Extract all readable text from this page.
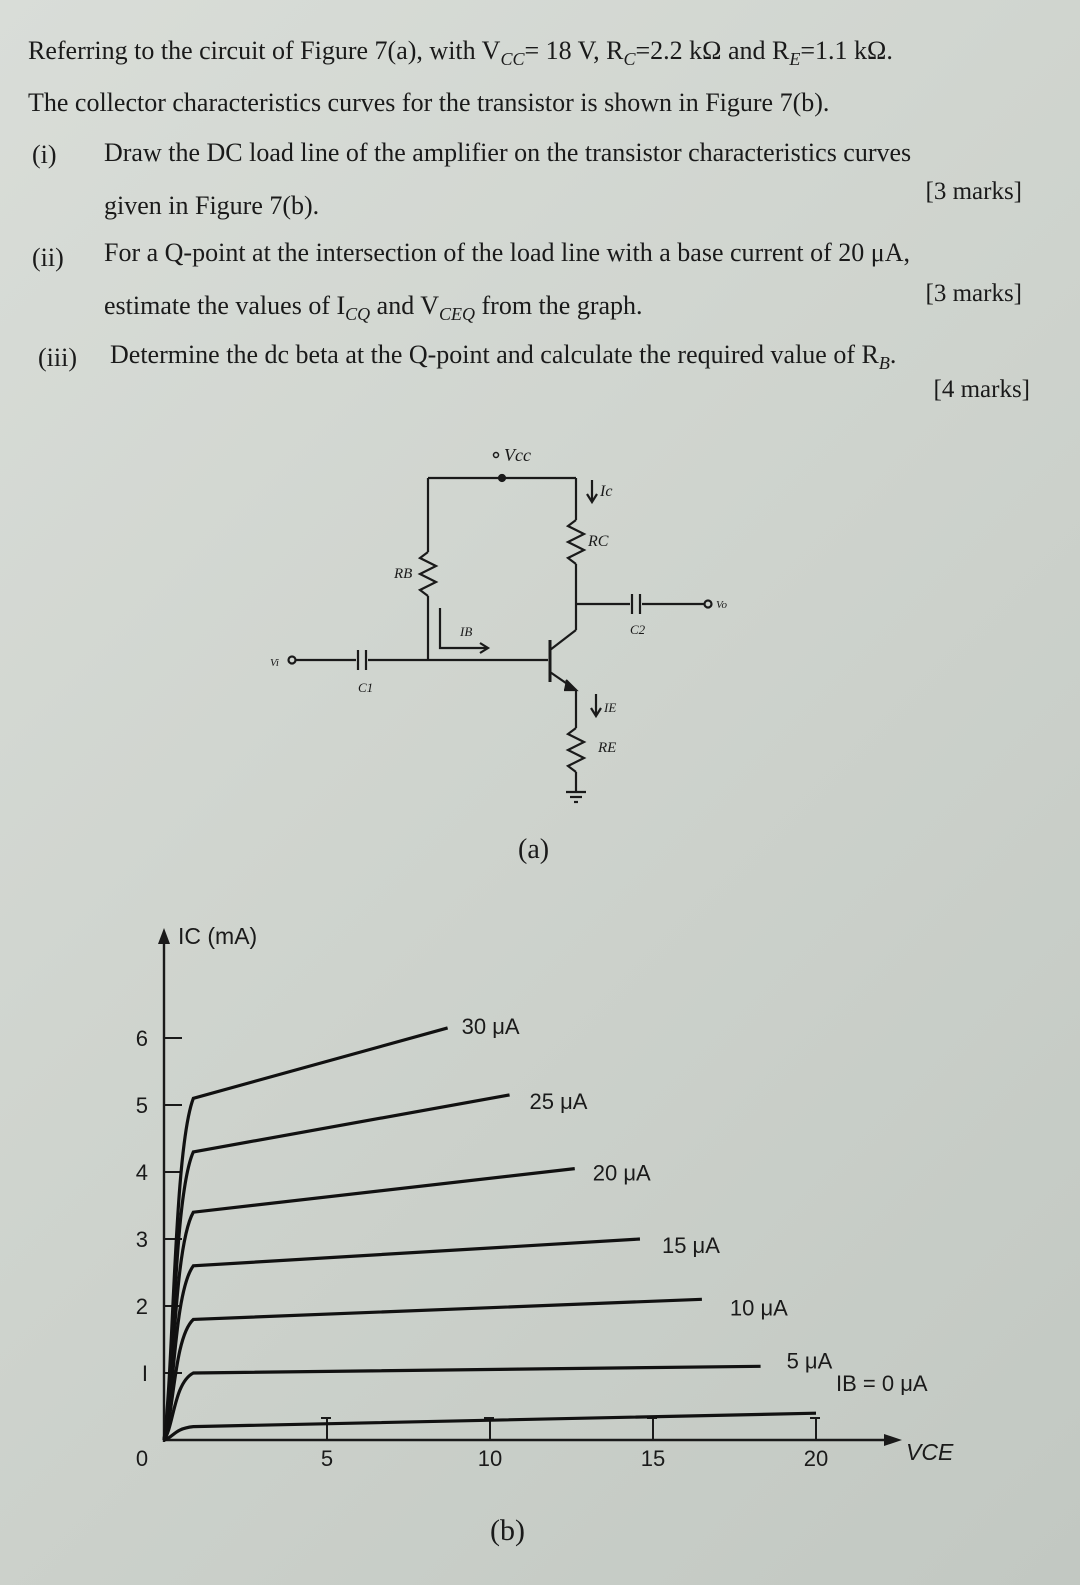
Referring to the circuit of Figure 7(a), with $V_{CC}= 18$ V, $R_C=2.2$ kΩ and $R_E=1.1$ kΩ.
The collector characteristics curves for the transistor is shown in Figure 7(b).
(i) Draw the DC load line of the amplifier on the transistor characteristics curves
given in Figure 7(b).	[3 marks]
(ii) For a Q-point at the intersection of the load line with a base current of 20 μA,
estimate the values of $I_{CQ}$ and $V_{CEQ}$ from the graph.	[3 marks]
(iii) Determine the dc beta at the Q-point and calculate the required value of $R_B$.
[4 marks]
Vcc
Ic
RC
RB
IB	C2
Vo
Vi
C1
IE
RE
(a)
0	5	10	15	20
I
2
3
4
5
6
IC (mA)
VCE
IB = 0 μA
5 μA
10 μA
15 μA
20 μA
25 μA
30 μA
(b)
